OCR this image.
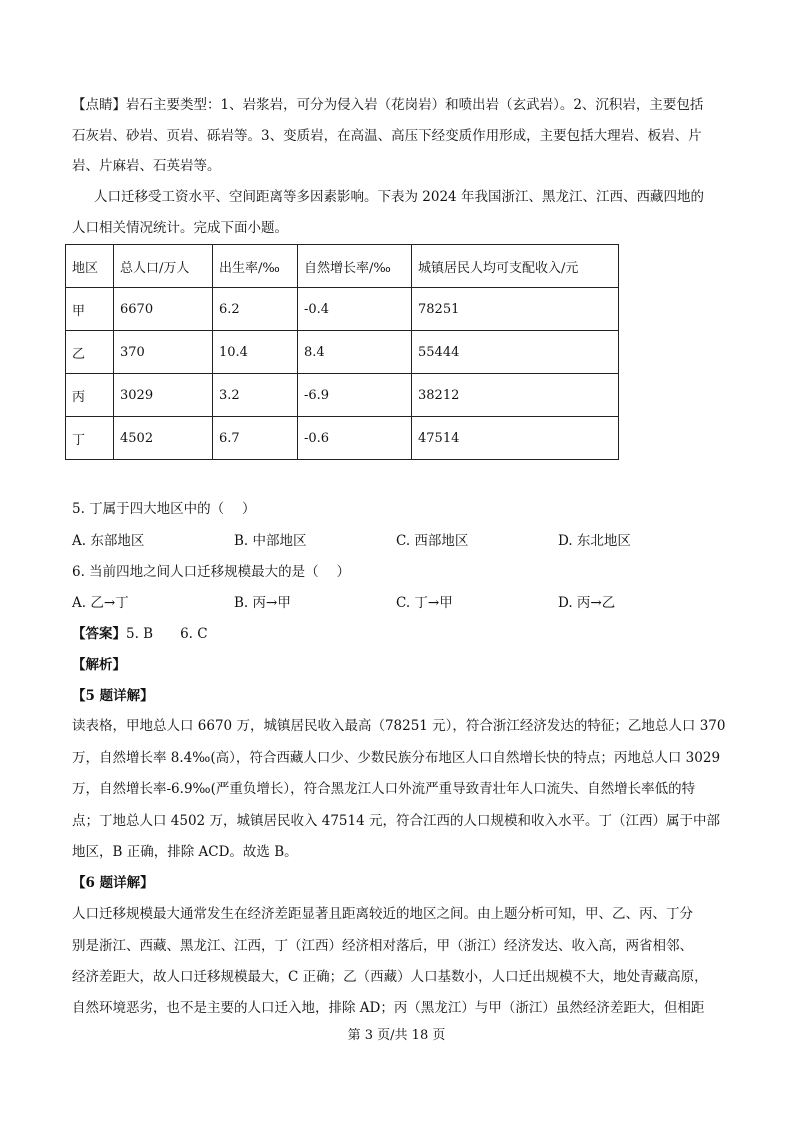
【点睛】岩石主要类型：1、岩浆岩，可分为侵入岩（花岗岩）和喷出岩（玄武岩）。2、沉积岩，主要包括
石灰岩、砂岩、页岩、砾岩等。3、变质岩，在高温、高压下经变质作用形成，主要包括大理岩、板岩、片
岩、片麻岩、石英岩等。
人口迁移受工资水平、空间距离等多因素影响。下表为 2024 年我国浙江、黑龙江、江西、西藏四地的
人口相关情况统计。完成下面小题。
地区	总人口/万人	出生率/‰	自然增长率/‰	城镇居民人均可支配收入/元
甲	6670	6.2	-0.4	78251
乙	370	10.4	8.4	55444
丙	3029	3.2	-6.9	38212
丁	4502	6.7	-0.6	47514
5. 丁属于四大地区中的（　 ）
A. 东部地区	B. 中部地区	C. 西部地区	D. 东北地区
6. 当前四地之间人口迁移规模最大的是（　 ）
A. 乙→丁	B. 丙→甲	C. 丁→甲	D. 丙→乙
【答案】5. B　　6. C
【解析】
【5 题详解】
读表格，甲地总人口 6670 万，城镇居民收入最高（78251 元），符合浙江经济发达的特征；乙地总人口 370
万，自然增长率 8.4‰(高），符合西藏人口少、少数民族分布地区人口自然增长快的特点；丙地总人口 3029
万，自然增长率-6.9‰(严重负增长），符合黑龙江人口外流严重导致青壮年人口流失、自然增长率低的特
点；丁地总人口 4502 万，城镇居民收入 47514 元，符合江西的人口规模和收入水平。丁（江西）属于中部
地区，B 正确，排除 ACD。故选 B。
【6 题详解】
人口迁移规模最大通常发生在经济差距显著且距离较近的地区之间。由上题分析可知，甲、乙、丙、丁分
别是浙江、西藏、黑龙江、江西，丁（江西）经济相对落后，甲（浙江）经济发达、收入高，两省相邻、
经济差距大，故人口迁移规模最大，C 正确；乙（西藏）人口基数小，人口迁出规模不大，地处青藏高原，
自然环境恶劣，也不是主要的人口迁入地，排除 AD；丙（黑龙江）与甲（浙江）虽然经济差距大，但相距
第 3 页/共 18 页
